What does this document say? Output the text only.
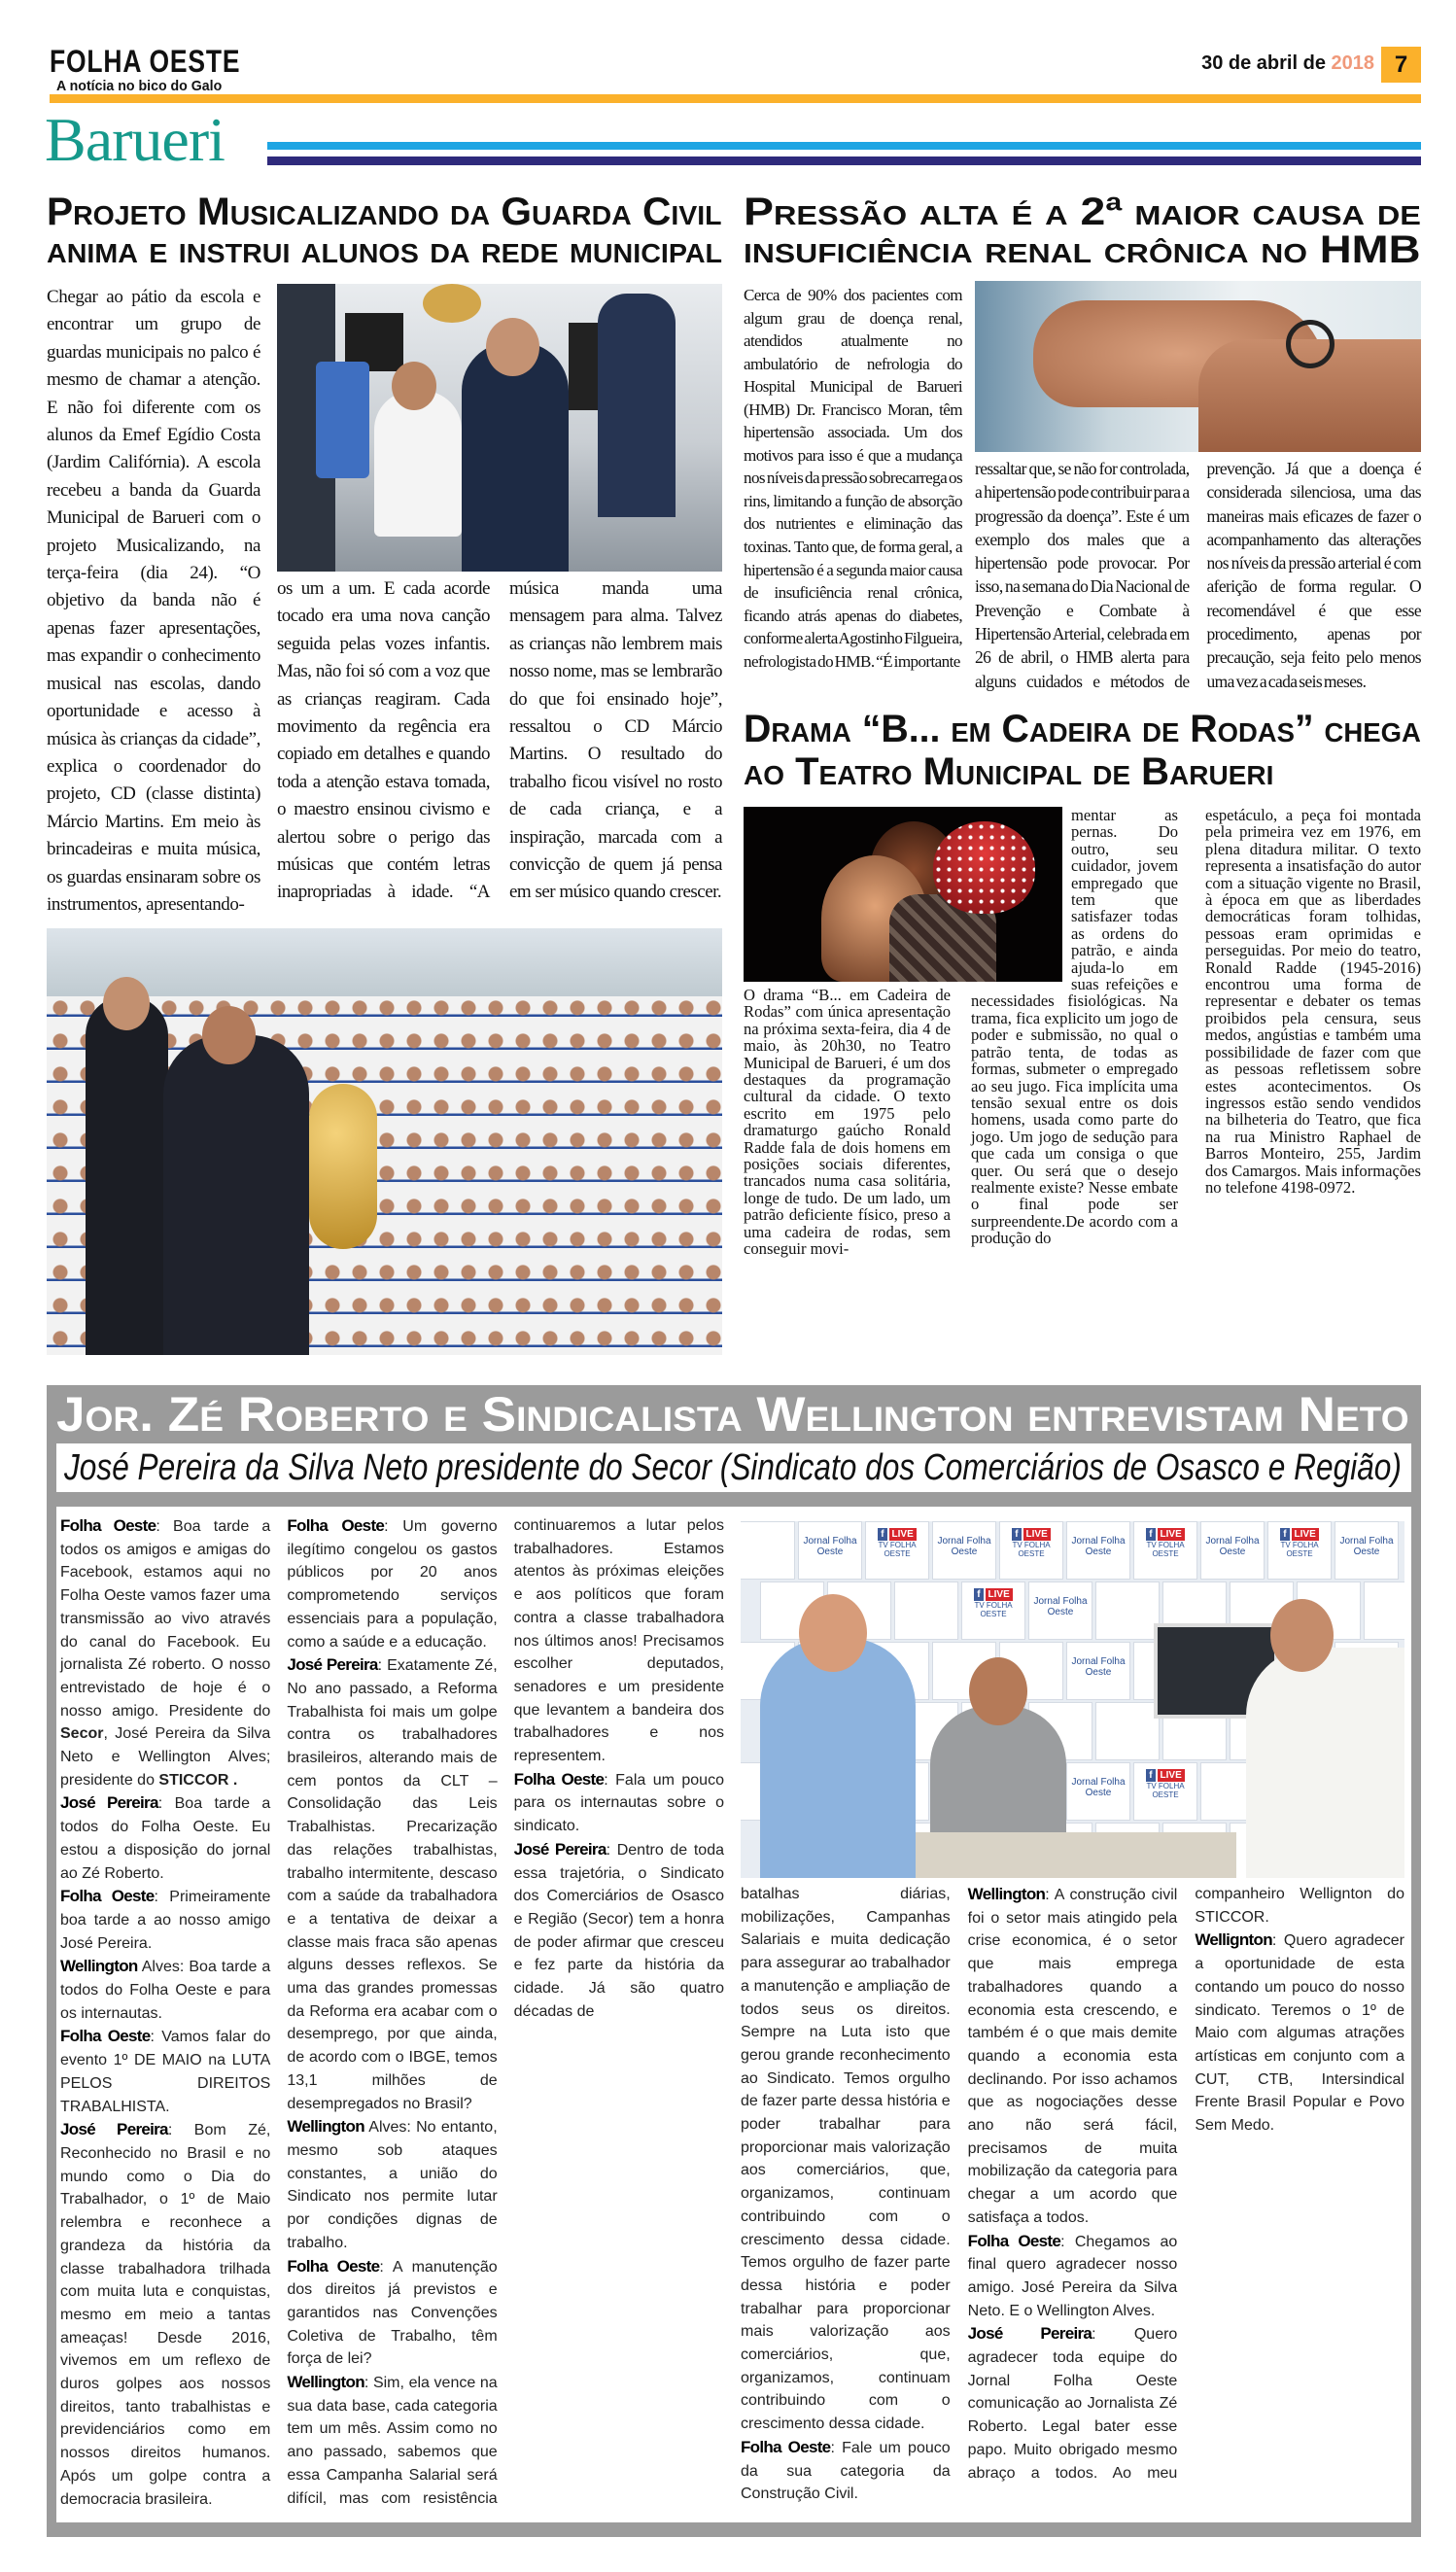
FOLHA OESTE
A notícia no bico do Galo
30 de abril de 2018 7
Barueri
Projeto Musicalizando da Guarda Civil
anima e instrui alunos da rede municipal
Chegar ao pátio da escola e encontrar um grupo de guardas municipais no palco é mesmo de chamar a atenção. E não foi diferente com os alunos da Emef Egídio Costa (Jardim Califórnia). A escola recebeu a banda da Guarda Municipal de Barueri com o projeto Musicalizando, na terça-feira (dia 24). “O objetivo da banda não é apenas fazer apresentações, mas expandir o conhecimento musical nas escolas, dando oportunidade e acesso à música às crianças da cidade”, explica o coordenador do projeto, CD (classe distinta) Márcio Martins. Em meio às brincadeiras e muita música, os guardas ensinaram sobre os instrumentos, apresentando-
os um a um. E cada acorde tocado era uma nova canção seguida pelas vozes infantis. Mas, não foi só com a voz que as crianças reagiram. Cada movimento da regência era copiado em detalhes e quando toda a atenção estava tomada, o maestro ensinou civismo e alertou sobre o perigo das músicas que contém letras inapropriadas à idade. “A música manda uma mensagem para alma. Talvez as crianças não lembrem mais nosso nome, mas se lembrarão do que foi ensinado hoje”, ressaltou o CD Márcio Martins. O resultado do trabalho ficou visível no rosto de cada criança, e a inspiração, marcada com a convicção de quem já pensa em ser músico quando crescer.
Pressão alta é a 2ª maior causa de
insuficiência renal crônica no HMB
Cerca de 90% dos pacientes com algum grau de doença renal, atendidos atualmente no ambulatório de nefrologia do Hospital Municipal de Barueri (HMB) Dr. Francisco Moran, têm hipertensão associada. Um dos motivos para isso é que a mudança nos níveis da pressão sobrecarrega os rins, limitando a função de absorção dos nutrientes e eliminação das toxinas. Tanto que, de forma geral, a hipertensão é a segunda maior causa de insuficiência renal crônica, ficando atrás apenas do diabetes, conforme alerta Agostinho Filgueira, nefrologista do HMB. “É importante
ressaltar que, se não for controlada, a hipertensão pode contribuir para a progressão da doença”. Este é um exemplo dos males que a hipertensão pode provocar. Por isso, na semana do Dia Nacional de Prevenção e Combate à Hipertensão Arterial, celebrada em 26 de abril, o HMB alerta para alguns cuidados e métodos de prevenção. Já que a doença é considerada silenciosa, uma das maneiras mais eficazes de fazer o acompanhamento das alterações nos níveis da pressão arterial é com aferição de forma regular. O recomendável é que esse procedimento, apenas por precaução, seja feito pelo menos uma vez a cada seis meses.
Drama “B... em Cadeira de Rodas” chega
ao Teatro Municipal de Barueri
O drama “B... em Cadeira de Rodas” com única apresentação na próxima sexta-feira, dia 4 de maio, às 20h30, no Teatro Municipal de Barueri, é um dos destaques da programação cultural da cidade. O texto escrito em 1975 pelo dramaturgo gaúcho Ronald Radde fala de dois homens em posições sociais diferentes, trancados numa casa solitária, longe de tudo. De um lado, um patrão deficiente físico, preso a uma cadeira de rodas, sem conseguir movi-
mentar as pernas. Do outro, seu cuidador, jovem empregado que tem que satisfazer todas as ordens do patrão, e ainda ajuda-lo em suas refeições e necessidades fisiológicas. Na trama, fica explicito um jogo de poder e submissão, no qual o patrão tenta, de todas as formas, submeter o empregado ao seu jugo. Fica implícita uma tensão sexual entre os dois homens, usada como parte do jogo. Um jogo de sedução para que cada um consiga o que quer. Ou será que o desejo realmente existe? Nesse embate o final pode ser surpreendente.De acordo com a produção do
espetáculo, a peça foi montada pela primeira vez em 1976, em plena ditadura militar. O texto representa a insatisfação do autor com a situação vigente no Brasil, à época em que as liberdades democráticas foram tolhidas, pessoas eram oprimidas e perseguidas. Por meio do teatro, Ronald Radde (1945-2016) encontrou uma forma de representar e debater os temas proibidos pela censura, seus medos, angústias e também uma possibilidade de fazer com que as pessoas refletissem sobre estes acontecimentos. Os ingressos estão sendo vendidos na bilheteria do Teatro, que fica na rua Ministro Raphael de Barros Monteiro, 255, Jardim dos Camargos. Mais informações no telefone 4198-0972.
Jor. Zé Roberto e Sindicalista Wellington entrevistam Neto
José Pereira da Silva Neto presidente do Secor (Sindicato dos Comerciários de Osasco e Região)
Jornal Folha Oeste
f LIVE
TV FOLHA OESTE
Jornal Folha Oeste
f LIVE
TV FOLHA OESTE
Jornal Folha Oeste
f LIVE
TV FOLHA OESTE
Jornal Folha Oeste
f LIVE
TV FOLHA OESTE
Jornal Folha Oeste
f LIVE
TV FOLHA OESTE
Jornal Folha Oeste
Jornal Folha Oeste
Jornal Folha Oeste
f LIVE
TV FOLHA OESTE

Folha Oeste: Boa tarde a todos os amigos e amigas do Facebook, estamos aqui no Folha Oeste vamos fazer uma transmissão ao vivo através do canal do Facebook. Eu jornalista Zé roberto. O nosso entrevistado de hoje é o nosso amigo. Presidente do Secor, José Pereira da Silva Neto e Wellington Alves; presidente do STICCOR .

José Pereira: Boa tarde a todos do Folha Oeste. Eu estou a disposição do jornal ao Zé Roberto.

Folha Oeste: Primeiramente boa tarde a ao nosso amigo José Pereira.

Wellington Alves: Boa tarde a todos do Folha Oeste e para os internautas.

Folha Oeste: Vamos falar do evento 1º DE MAIO na LUTA PELOS DIREITOS TRABALHISTA.

José Pereira: Bom Zé, Reconhecido no Brasil e no mundo como o Dia do Trabalhador, o 1º de Maio relembra e reconhece a grandeza da história da classe trabalhadora trilhada com muita luta e conquistas, mesmo em meio a tantas ameaças! Desde 2016, vivemos em um reflexo de duros golpes aos nossos direitos, tanto trabalhistas e previdenciários como em nossos direitos humanos. Após um golpe contra a democracia brasileira.

Folha Oeste: Um governo ilegítimo congelou os gastos públicos por 20 anos comprometendo serviços essenciais para a população, como a saúde e a educação.

José Pereira: Exatamente Zé, No ano passado, a Reforma Trabalhista foi mais um golpe contra os trabalhadores brasileiros, alterando mais de cem pontos da CLT – Consolidação das Leis Trabalhistas. Precarização das relações trabalhistas, trabalho intermitente, descaso com a saúde da trabalhadora e a tentativa de deixar a classe mais fraca são apenas alguns desses reflexos. Se uma das grandes promessas da Reforma era acabar com o desemprego, por que ainda, de acordo com o IBGE, temos 13,1 milhões de desempregados no Brasil?

Wellington Alves: No entanto, mesmo sob ataques constantes, a união do Sindicato nos permite lutar por condições dignas de trabalho.

Folha Oeste: A manutenção dos direitos já previstos e garantidos nas Convenções Coletiva de Trabalho, têm força de lei?

Wellington: Sim, ela vence na sua data base, cada categoria tem um mês. Assim como no ano passado, sabemos que essa Campanha Salarial será difícil, mas com resistência continuaremos a lutar pelos trabalhadores. Estamos atentos às próximas eleições e aos políticos que foram contra a classe trabalhadora nos últimos anos! Precisamos escolher deputados, senadores e um presidente que levantem a bandeira dos trabalhadores e nos representem.

Folha Oeste: Fala um pouco para os internautas sobre o sindicato.

José Pereira: Dentro de toda essa trajetória, o Sindicato dos Comerciários de Osasco e Região (Secor) tem a honra de poder afirmar que cresceu e fez parte da história da cidade. Já são quatro décadas de

batalhas diárias, mobilizações, Campanhas Salariais e muita dedicação para assegurar ao trabalhador a manutenção e ampliação de todos seus os direitos. Sempre na Luta isto que gerou grande reconhecimento ao Sindicato. Temos orgulho de fazer parte dessa história e poder trabalhar para proporcionar mais valorização aos comerciários, que, organizamos, continuam contribuindo com o crescimento dessa cidade. Temos orgulho de fazer parte dessa história e poder trabalhar para proporcionar mais valorização aos comerciários, que, organizamos, continuam contribuindo com o crescimento dessa cidade.

Folha Oeste: Fale um pouco da sua categoria da Construção Civil.

Wellington: A construção civil foi o setor mais atingido pela crise economica, é o setor que mais emprega trabalhadores quando a economia esta crescendo, e também é o que mais demite quando a economia esta declinando. Por isso achamos que as nogociações desse ano não será fácil, precisamos de muita mobilização da categoria para chegar a um acordo que satisfaça a todos.

Folha Oeste: Chegamos ao final quero agradecer nosso amigo. José Pereira da Silva Neto. E o Wellington Alves.

José Pereira: Quero agradecer toda equipe do Jornal Folha Oeste comunicação ao Jornalista Zé Roberto. Legal bater esse papo. Muito obrigado mesmo abraço a todos. Ao meu companheiro Wellignton do STICCOR.

Wellignton: Quero agradecer a oportunidade de esta contando um pouco do nosso sindicato. Teremos o 1º de Maio com algumas atrações artísticas em conjunto com a CUT, CTB, Intersindical Frente Brasil Popular e Povo Sem Medo.
